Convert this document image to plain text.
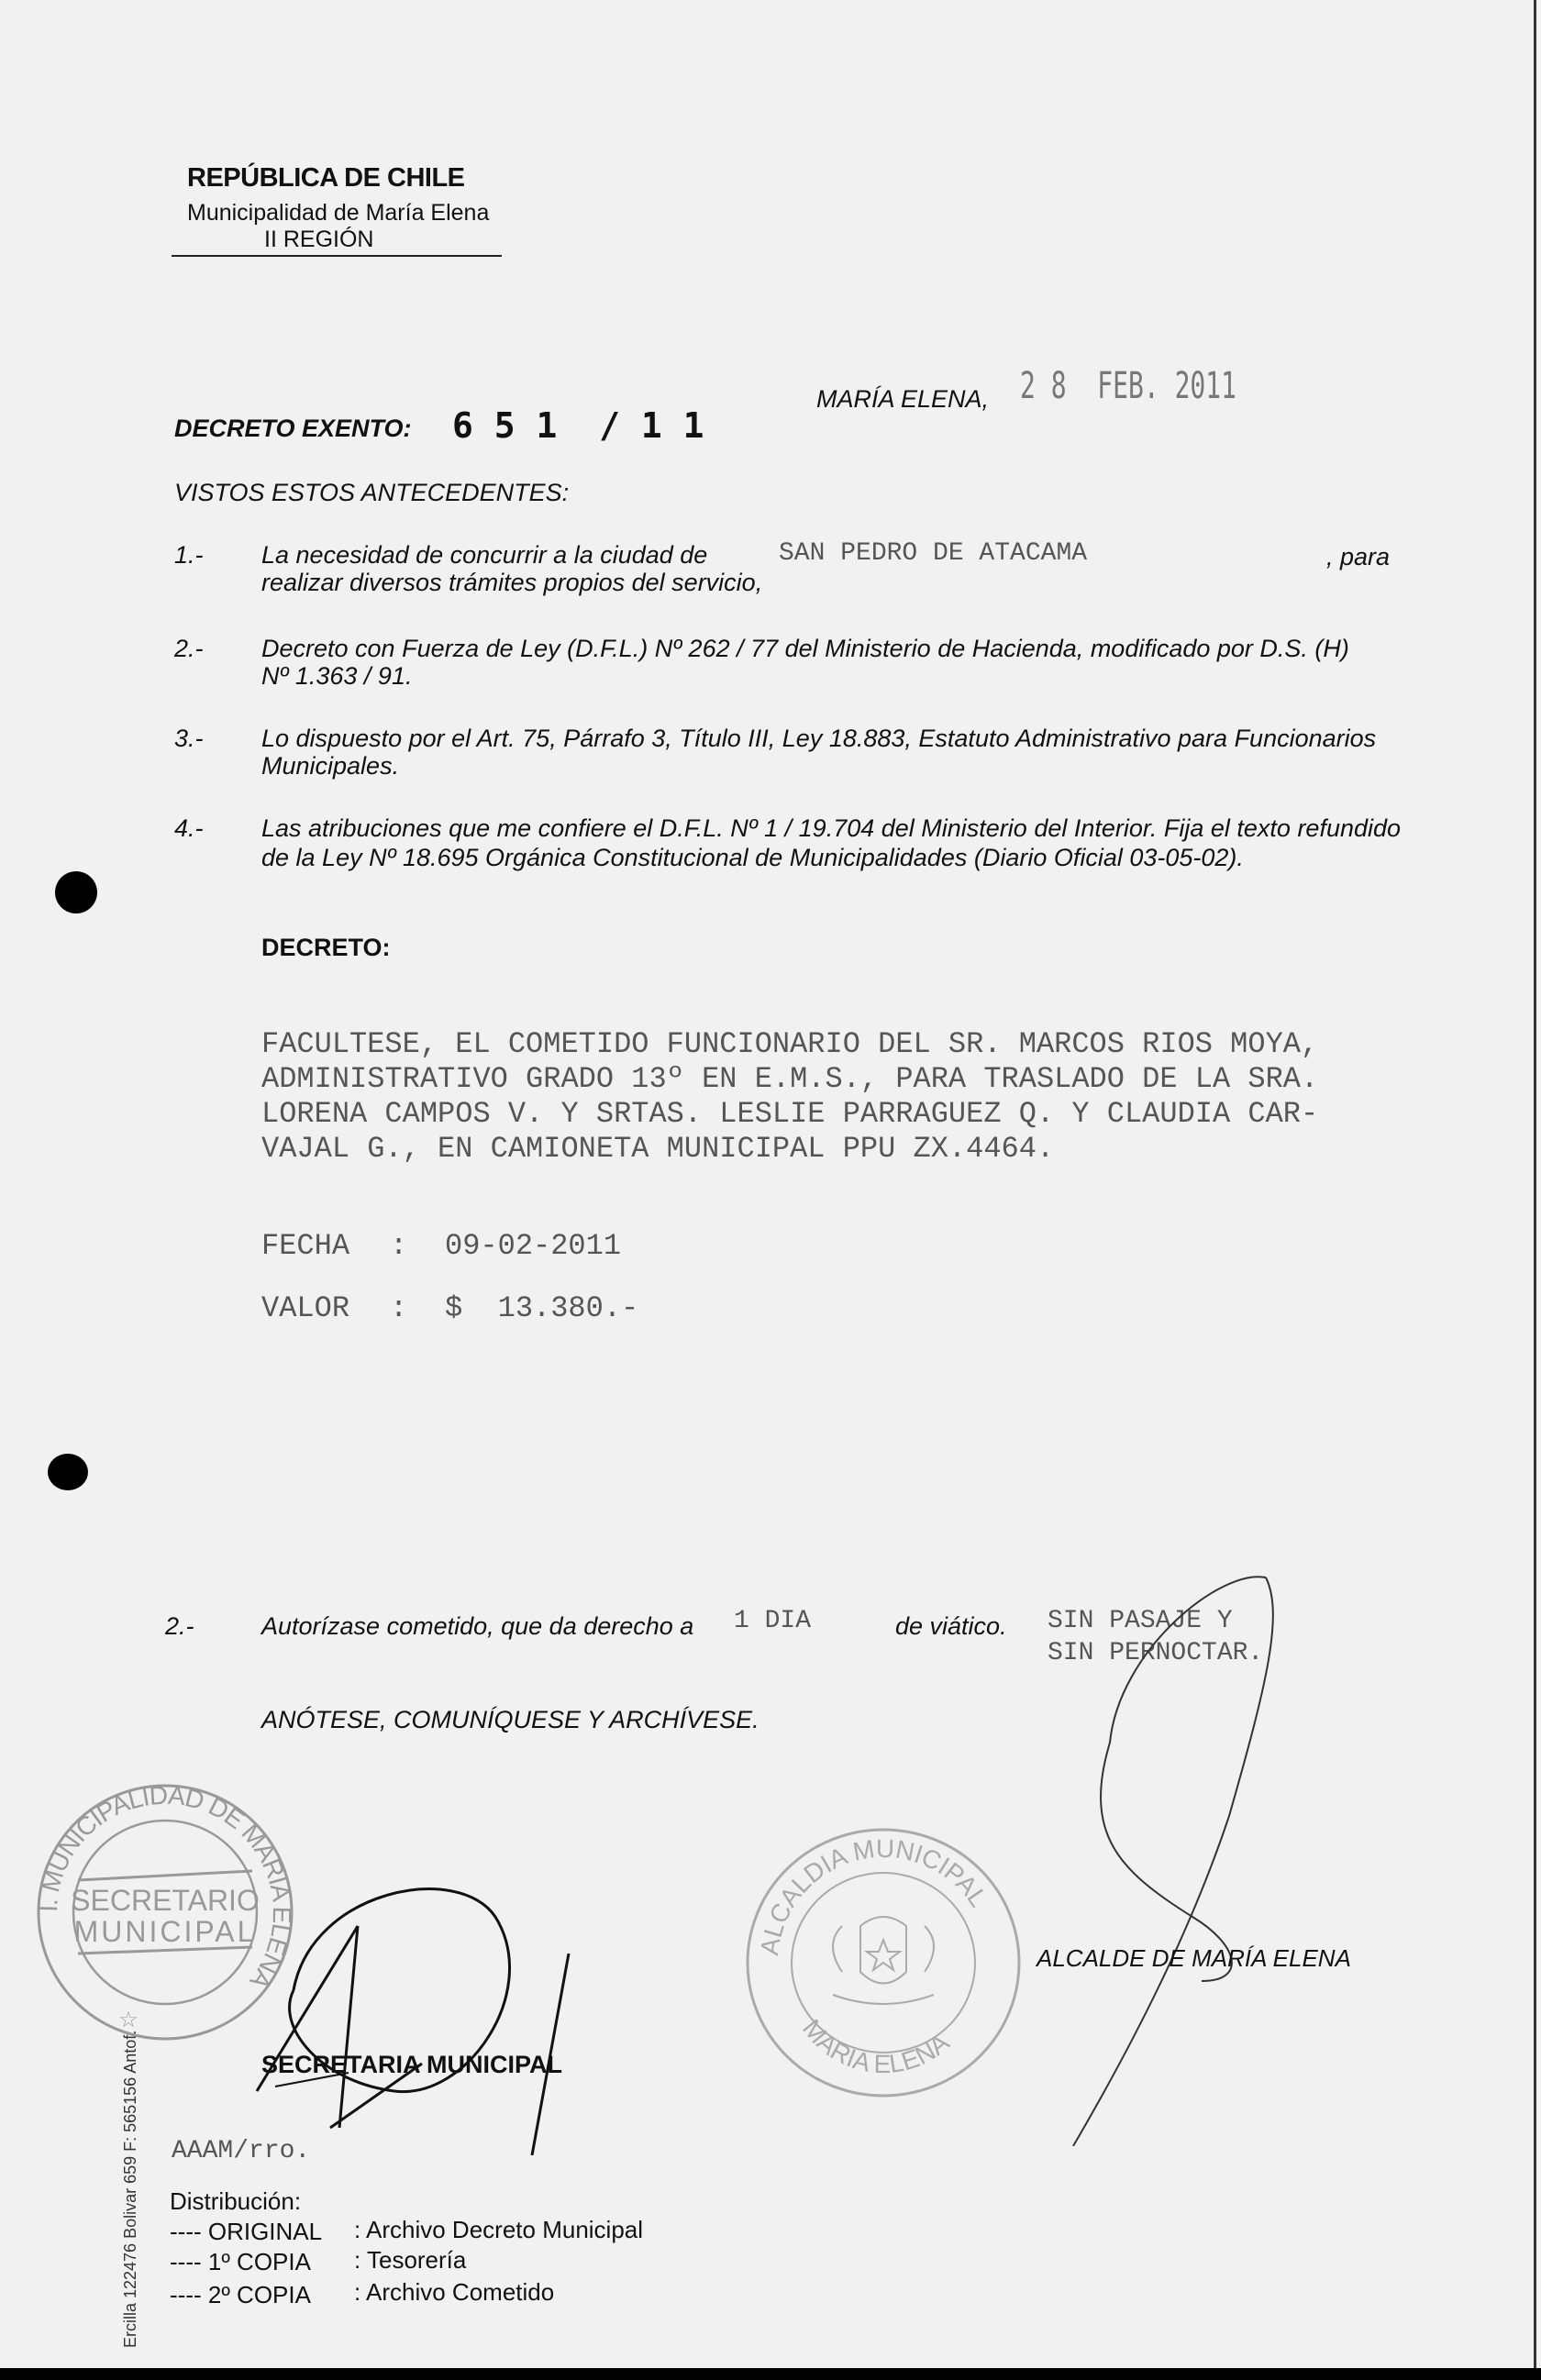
REPÚBLICA DE CHILE
Municipalidad de María Elena
II REGIÓN
DECRETO EXENTO: 6 5 1  / 1 1
MARÍA ELENA, 2 8  FEB. 2011
VISTOS ESTOS ANTECEDENTES:
1.- La necesidad de concurrir a la ciudad de	SAN PEDRO DE ATACAMA	, para
realizar diversos trámites propios del servicio,
2.- Decreto con Fuerza de Ley (D.F.L.) Nº 262 / 77 del Ministerio de Hacienda, modificado por D.S. (H)
Nº 1.363 / 91.
3.- Lo dispuesto por el Art. 75, Párrafo 3, Título III, Ley 18.883, Estatuto Administrativo para Funcionarios
Municipales.
4.- Las atribuciones que me confiere el D.F.L. Nº 1 / 19.704 del Ministerio del Interior. Fija el texto refundido
de la Ley Nº 18.695 Orgánica Constitucional de Municipalidades (Diario Oficial 03-05-02).
DECRETO:
FACULTESE, EL COMETIDO FUNCIONARIO DEL SR. MARCOS RIOS MOYA,
ADMINISTRATIVO GRADO 13º EN E.M.S., PARA TRASLADO DE LA SRA.
LORENA CAMPOS V. Y SRTAS. LESLIE PARRAGUEZ Q. Y CLAUDIA CAR-
VAJAL G., EN CAMIONETA MUNICIPAL PPU ZX.4464.
FECHA : 09-02-2011
VALOR : $  13.380.-
2.-	Autorízase cometido, que da derecho a 1 DIA	de viático. SIN PASAJE Y
SIN PERNOCTAR.
ANÓTESE, COMUNÍQUESE Y ARCHÍVESE.
I. MUNICIPALIDAD DE MARIA ELENA
SECRETARIO
MUNICIPAL
☆
ALCALDIA MUNICIPAL
MARIA ELENA
ALCALDE DE MARÍA ELENA
SECRETARIA MUNICIPAL
AAAM/rro.
Distribución:
---- ORIGINAL : Archivo Decreto Municipal
---- 1º COPIA : Tesorería
---- 2º COPIA : Archivo Cometido
Ercilla 122476 Bolivar 659 F: 565156 Antof.
